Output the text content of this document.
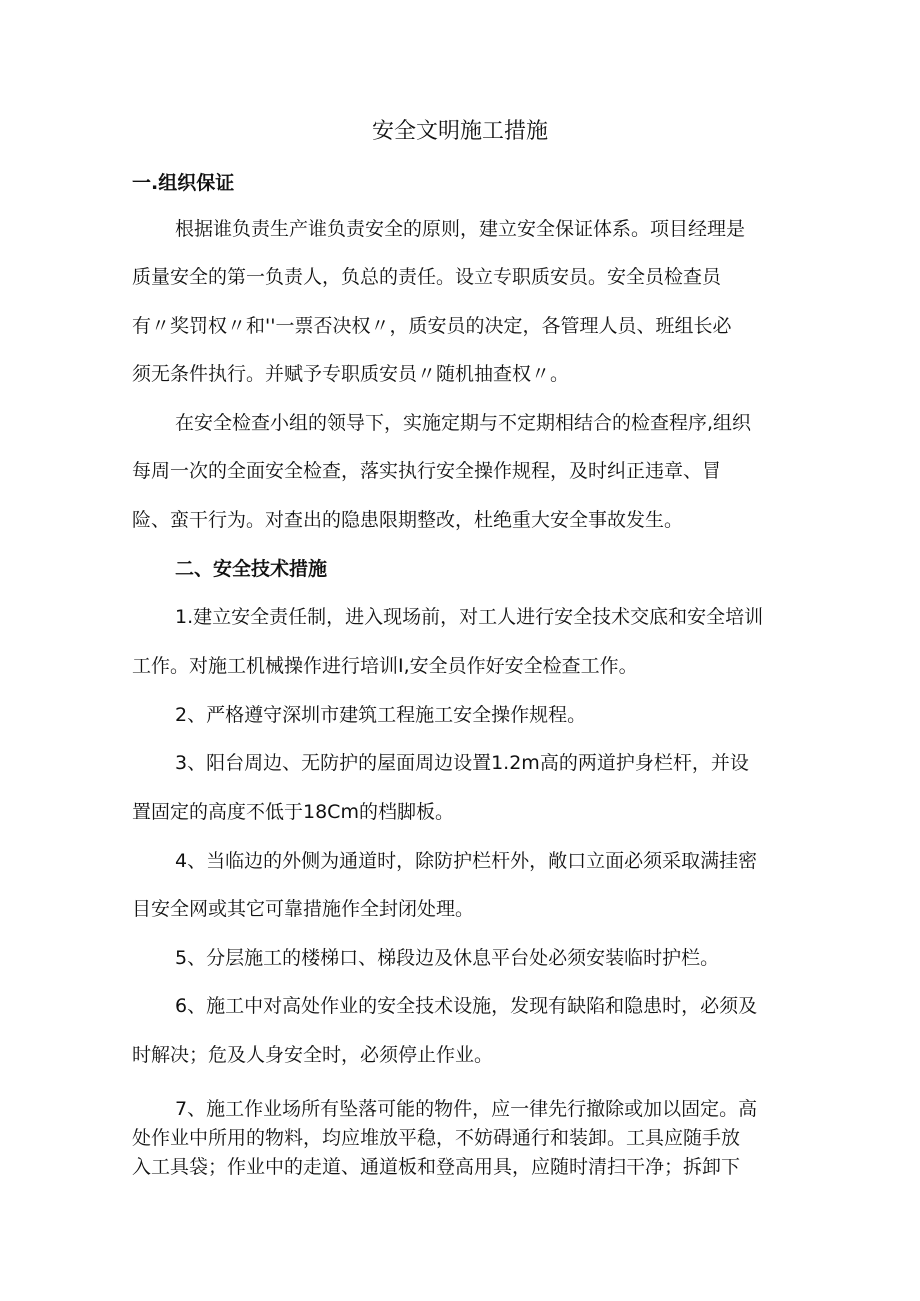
安全文明施工措施
一.组织保证
根据谁负责生产谁负责安全的原则，建立安全保证体系。项目经理是
质量安全的第一负责人，负总的责任。设立专职质安员。安全员检查员
有〃奖罚权〃和''一票否决权〃，质安员的决定，各管理人员、班组长必
须无条件执行。并赋予专职质安员〃随机抽查权〃。
在安全检查小组的领导下，实施定期与不定期相结合的检查程序,组织
每周一次的全面安全检查，落实执行安全操作规程，及时纠正违章、冒
险、蛮干行为。对查出的隐患限期整改，杜绝重大安全事故发生。
二、安全技术措施
1.建立安全责任制，进入现场前，对工人进行安全技术交底和安全培训
工作。对施工机械操作进行培训I,安全员作好安全检查工作。
2、严格遵守深圳市建筑工程施工安全操作规程。
3、阳台周边、无防护的屋面周边设置1.2m高的两道护身栏杆，并设
置固定的高度不低于18Cm的档脚板。
4、当临边的外侧为通道时，除防护栏杆外，敞口立面必须采取满挂密
目安全网或其它可靠措施作全封闭处理。
5、分层施工的楼梯口、梯段边及休息平台处必须安装临时护栏。
6、施工中对高处作业的安全技术设施，发现有缺陷和隐患时，必须及
时解决；危及人身安全时，必须停止作业。
7、施工作业场所有坠落可能的物件，应一律先行撤除或加以固定。高
处作业中所用的物料，均应堆放平稳，不妨碍通行和装卸。工具应随手放
入工具袋；作业中的走道、通道板和登高用具，应随时清扫干净；拆卸下
